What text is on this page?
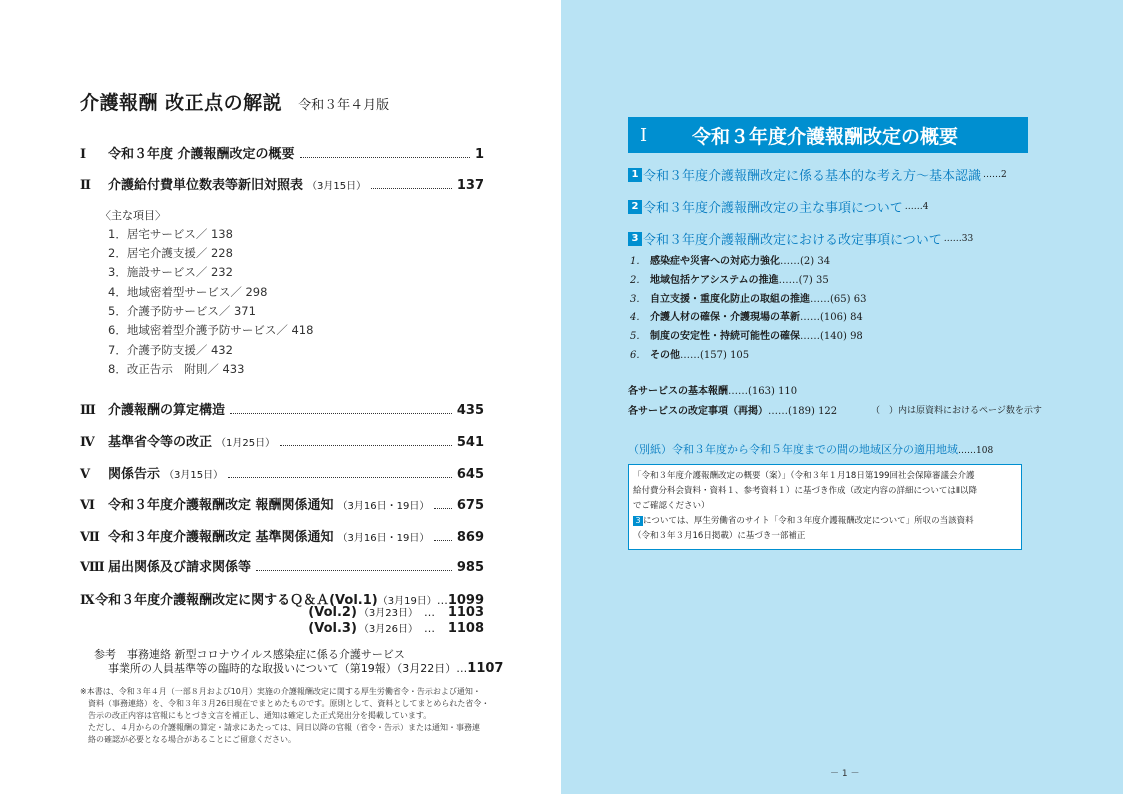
介護報酬 改正点の解説 令和３年４月版
Ⅰ	令和３年度 介護報酬改定の概要	1
Ⅱ	介護給付費単位数表等新旧対照表 （3月15日）	137
〈主な項目〉
1．居宅サービス／ 138
2．居宅介護支援／ 228
3．施設サービス／ 232
4．地域密着型サービス／ 298
5．介護予防サービス／ 371
6．地域密着型介護予防サービス／ 418
7．介護予防支援／ 432
8．改正告示　附則／ 433
Ⅲ 介護報酬の算定構造	435
Ⅳ	基準省令等の改正 （1月25日）	541
Ⅴ	関係告示 （3月15日）	645
Ⅵ	令和３年度介護報酬改定 報酬関係通知 （3月16日・19日） 675
Ⅶ 令和３年度介護報酬改定 基準関係通知 （3月16日・19日） 869
Ⅷ 届出関係及び請求関係等	985
Ⅸ 令和３年度介護報酬改定に関するＱ＆Ａ (Vol.1) （3月19日） … 1099
(Vol.2) （3月23日） … 1103
(Vol.3) （3月26日） … 1108
参考　事務連絡 新型コロナウイルス感染症に係る介護サービス
事業所の人員基準等の臨時的な取扱いについて（第19報）（3月22日）…1107
※本書は、令和３年４月（一部８月および10月）実施の介護報酬改定に関する厚生労働省令・告示および通知・
　資料（事務連絡）を、令和３年３月26日現在でまとめたものです。原則として、資料としてまとめられた省令・
　告示の改正内容は官報にもとづき文言を補正し、通知は確定した正式発出分を掲載しています。
　ただし、４月からの介護報酬の算定・請求にあたっては、同日以降の官報（省令・告示）または通知・事務連
　絡の確認が必要となる場合があることにご留意ください。
Ⅰ	令和３年度介護報酬改定の概要
1 令和３年度介護報酬改定に係る基本的な考え方～基本認識 ……2
2 令和３年度介護報酬改定の主な事項について ……4
3 令和３年度介護報酬改定における改定事項について ……33
1. 感染症や災害への対応力強化……(2) 34
2. 地域包括ケアシステムの推進……(7) 35
3. 自立支援・重度化防止の取組の推進……(65) 63
4. 介護人材の確保・介護現場の革新……(106) 84
5. 制度の安定性・持続可能性の確保……(140) 98
6. その他……(157) 105
各サービスの基本報酬……(163) 110
各サービスの改定事項（再掲）……(189) 122	（　）内は原資料におけるページ数を示す
（別紙）令和３年度から令和５年度までの間の地域区分の適用地域……108
「令和３年度介護報酬改定の概要（案）」（令和３年１月18日第199回社会保障審議会介護
給付費分科会資料・資料１、参考資料１）に基づき作成（改定内容の詳細についてはⅡ以降
でご確認ください）
3 については、厚生労働省のサイト「令和３年度介護報酬改定について」所収の当該資料
（令和３年３月16日掲載）に基づき一部補正
－ 1 －
